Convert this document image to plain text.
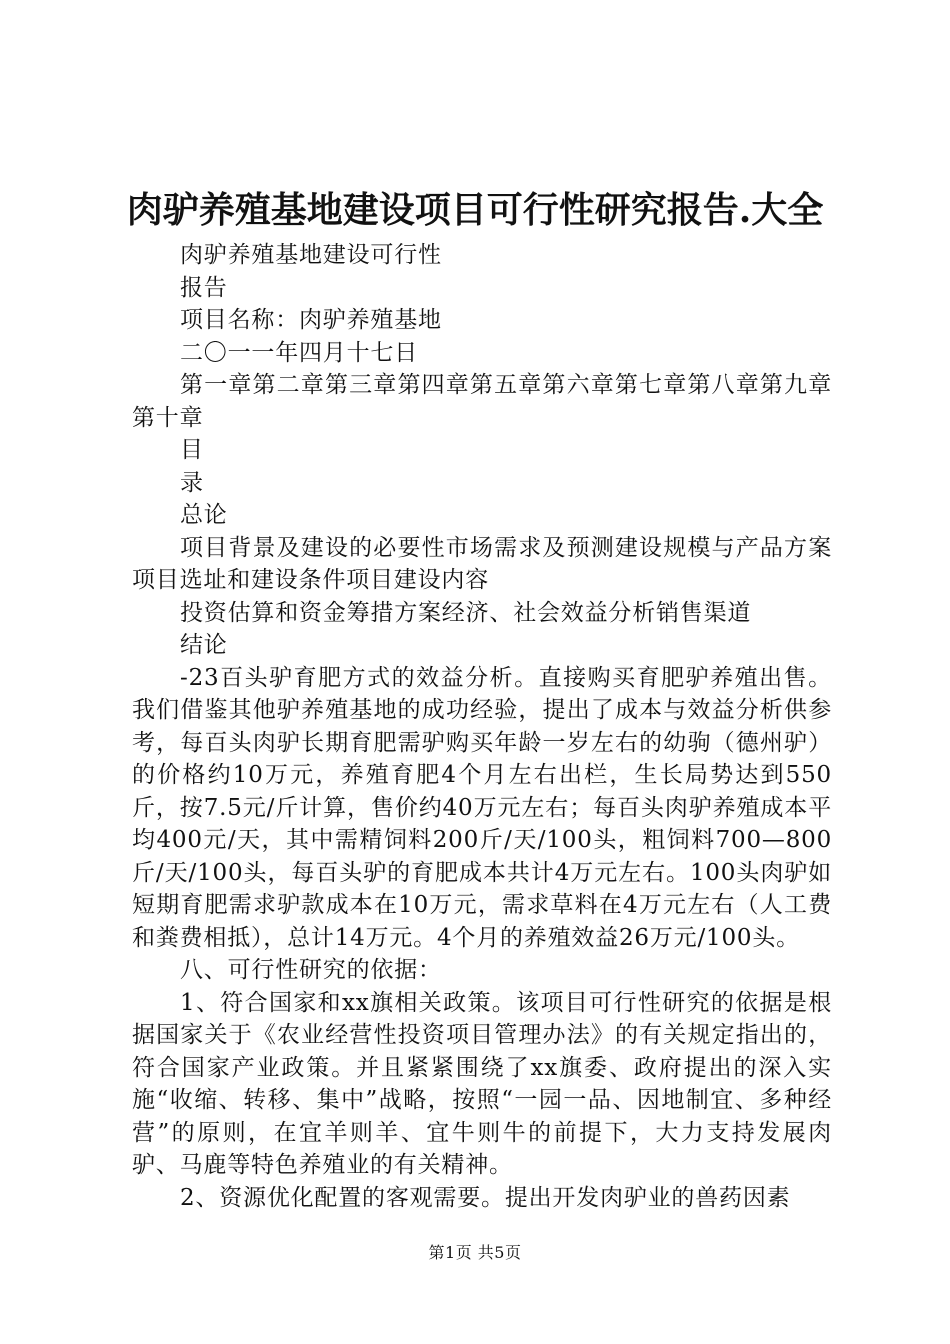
肉驴养殖基地建设项目可行性研究报告.大全

肉驴养殖基地建设可行性

报告

项目名称：肉驴养殖基地

二〇一一年四月十七日

第一章第二章第三章第四章第五章第六章第七章第八章第九章第十章

目

录

总论

项目背景及建设的必要性市场需求及预测建设规模与产品方案项目选址和建设条件项目建设内容

投资估算和资金筹措方案经济、社会效益分析销售渠道

结论

-23百头驴育肥方式的效益分析。直接购买育肥驴养殖出售。我们借鉴其他驴养殖基地的成功经验，提出了成本与效益分析供参考，每百头肉驴长期育肥需驴购买年龄一岁左右的幼驹（德州驴）的价格约10万元，养殖育肥4个月左右出栏，生长局势达到550斤，按7.5元/斤计算，售价约40万元左右；每百头肉驴养殖成本平均400元/天，其中需精饲料200斤/天/100头，粗饲料700—800斤/天/100头，每百头驴的育肥成本共计4万元左右。100头肉驴如短期育肥需求驴款成本在10万元，需求草料在4万元左右（人工费和粪费相抵），总计14万元。4个月的养殖效益26万元/100头。

八、可行性研究的依据：

1、符合国家和xx旗相关政策。该项目可行性研究的依据是根据国家关于《农业经营性投资项目管理办法》的有关规定指出的，符合国家产业政策。并且紧紧围绕了xx旗委、政府提出的深入实施“收缩、转移、集中”战略，按照“一园一品、因地制宜、多种经营”的原则，在宜羊则羊、宜牛则牛的前提下，大力支持发展肉驴、马鹿等特色养殖业的有关精神。

2、资源优化配置的客观需要。提出开发肉驴业的兽药因素

第1页 共5页
